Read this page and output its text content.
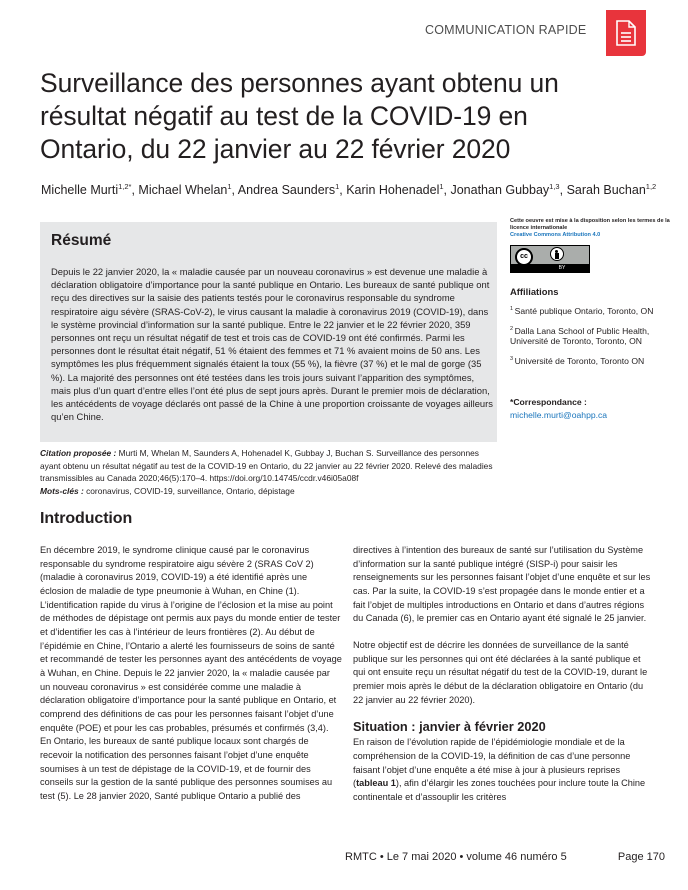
COMMUNICATION RAPIDE
Surveillance des personnes ayant obtenu un résultat négatif au test de la COVID-19 en Ontario, du 22 janvier au 22 février 2020
Michelle Murti$^{1,2*}$, Michael Whelan$^1$, Andrea Saunders$^1$, Karin Hohenadel$^1$, Jonathan Gubbay$^{1,3}$, Sarah Buchan$^{1,2}$
Résumé

Depuis le 22 janvier 2020, la « maladie causée par un nouveau coronavirus » est devenue une maladie à déclaration obligatoire d’importance pour la santé publique en Ontario. Les bureaux de santé publique ont reçu des directives sur la saisie des patients testés pour le coronavirus responsable du syndrome respiratoire aigu sévère (SRAS-CoV-2), le virus causant la maladie à coronavirus 2019 (COVID-19), dans le système provincial d’information sur la santé publique. Entre le 22 janvier et le 22 février 2020, 359 personnes ont reçu un résultat négatif de test et trois cas de COVID-19 ont été confirmés. Parmi les personnes dont le résultat était négatif, 51 % étaient des femmes et 71 % avaient moins de 50 ans. Les symptômes les plus fréquemment signalés étaient la toux (55 %), la fièvre (37 %) et le mal de gorge (35 %). La majorité des personnes ont été testées dans les trois jours suivant l’apparition des symptômes, mais plus d’un quart d’entre elles l’ont été plus de sept jours après. Durant le premier mois de déclaration, les antécédents de voyage déclarés ont passé de la Chine à une proportion croissante de voyages ailleurs qu’en Chine.

Cette oeuvre est mise à la disposition selon les termes de la licence internationale
Creative Commons Attribution 4.0
cc
BY
Affiliations
$^1$ Santé publique Ontario, Toronto, ON
$^2$ Dalla Lana School of Public Health, Université de Toronto, Toronto, ON
$^3$ Université de Toronto, Toronto ON
*Correspondance :
michelle.murti@oahpp.ca
Citation proposée : Murti M, Whelan M, Saunders A, Hohenadel K, Gubbay J, Buchan S. Surveillance des personnes ayant obtenu un résultat négatif au test de la COVID-19 en Ontario, du 22 janvier au 22 février 2020. Relevé des maladies transmissibles au Canada 2020;46(5):170–4. https://doi.org/10.14745/ccdr.v46i05a08f
Mots-clés : coronavirus, COVID-19, surveillance, Ontario, dépistage
Introduction

En décembre 2019, le syndrome clinique causé par le coronavirus responsable du syndrome respiratoire aigu sévère 2 (SRAS CoV 2) (maladie à coronavirus 2019, COVID-19) a été identifié après une éclosion de maladie de type pneumonie à Wuhan, en Chine (1). L’identification rapide du virus à l’origine de l’éclosion et la mise au point de méthodes de dépistage ont permis aux pays du monde entier de tester et d’identifier les cas à l’intérieur de leurs frontières (2). Au début de l’épidémie en Chine, l’Ontario a alerté les fournisseurs de soins de santé et recommandé de tester les personnes ayant des antécédents de voyage à Wuhan, en Chine. Depuis le 22 janvier 2020, la « maladie causée par un nouveau coronavirus » est considérée comme une maladie à déclaration obligatoire d’importance pour la santé publique en Ontario, et comprend des définitions de cas pour les personnes faisant l’objet d’une enquête (POE) et pour les cas probables, présumés et confirmés (3,4). En Ontario, les bureaux de santé publique locaux sont chargés de recevoir la notification des personnes faisant l’objet d’une enquête soumises à un test de dépistage de la COVID-19, et de fournir des conseils sur la gestion de la santé publique des personnes soumises au test (5). Le 28 janvier 2020, Santé publique Ontario a publié des

directives à l’intention des bureaux de santé sur l’utilisation du Système d’information sur la santé publique intégré (SISP-i) pour saisir les renseignements sur les personnes faisant l’objet d’une enquête et sur les cas. Par la suite, la COVID-19 s’est propagée dans le monde entier et a fait l’objet de multiples introductions en Ontario et dans d’autres régions du Canada (6), le premier cas en Ontario ayant été signalé le 25 janvier.

Notre objectif est de décrire les données de surveillance de la santé publique sur les personnes qui ont été déclarées à la santé publique et qui ont ensuite reçu un résultat négatif du test de la COVID-19, durant le premier mois après le début de la déclaration obligatoire en Ontario (du 22 janvier au 22 février 2020).

Situation : janvier à février 2020

En raison de l’évolution rapide de l’épidémiologie mondiale et de la compréhension de la COVID-19, la définition de cas d’une personne faisant l’objet d’une enquête a été mise à jour à plusieurs reprises (tableau 1), afin d’élargir les zones touchées pour inclure toute la Chine continentale et d’assouplir les critères

RMTC • Le 7 mai 2020 • volume 46 numéro 5	Page 170
